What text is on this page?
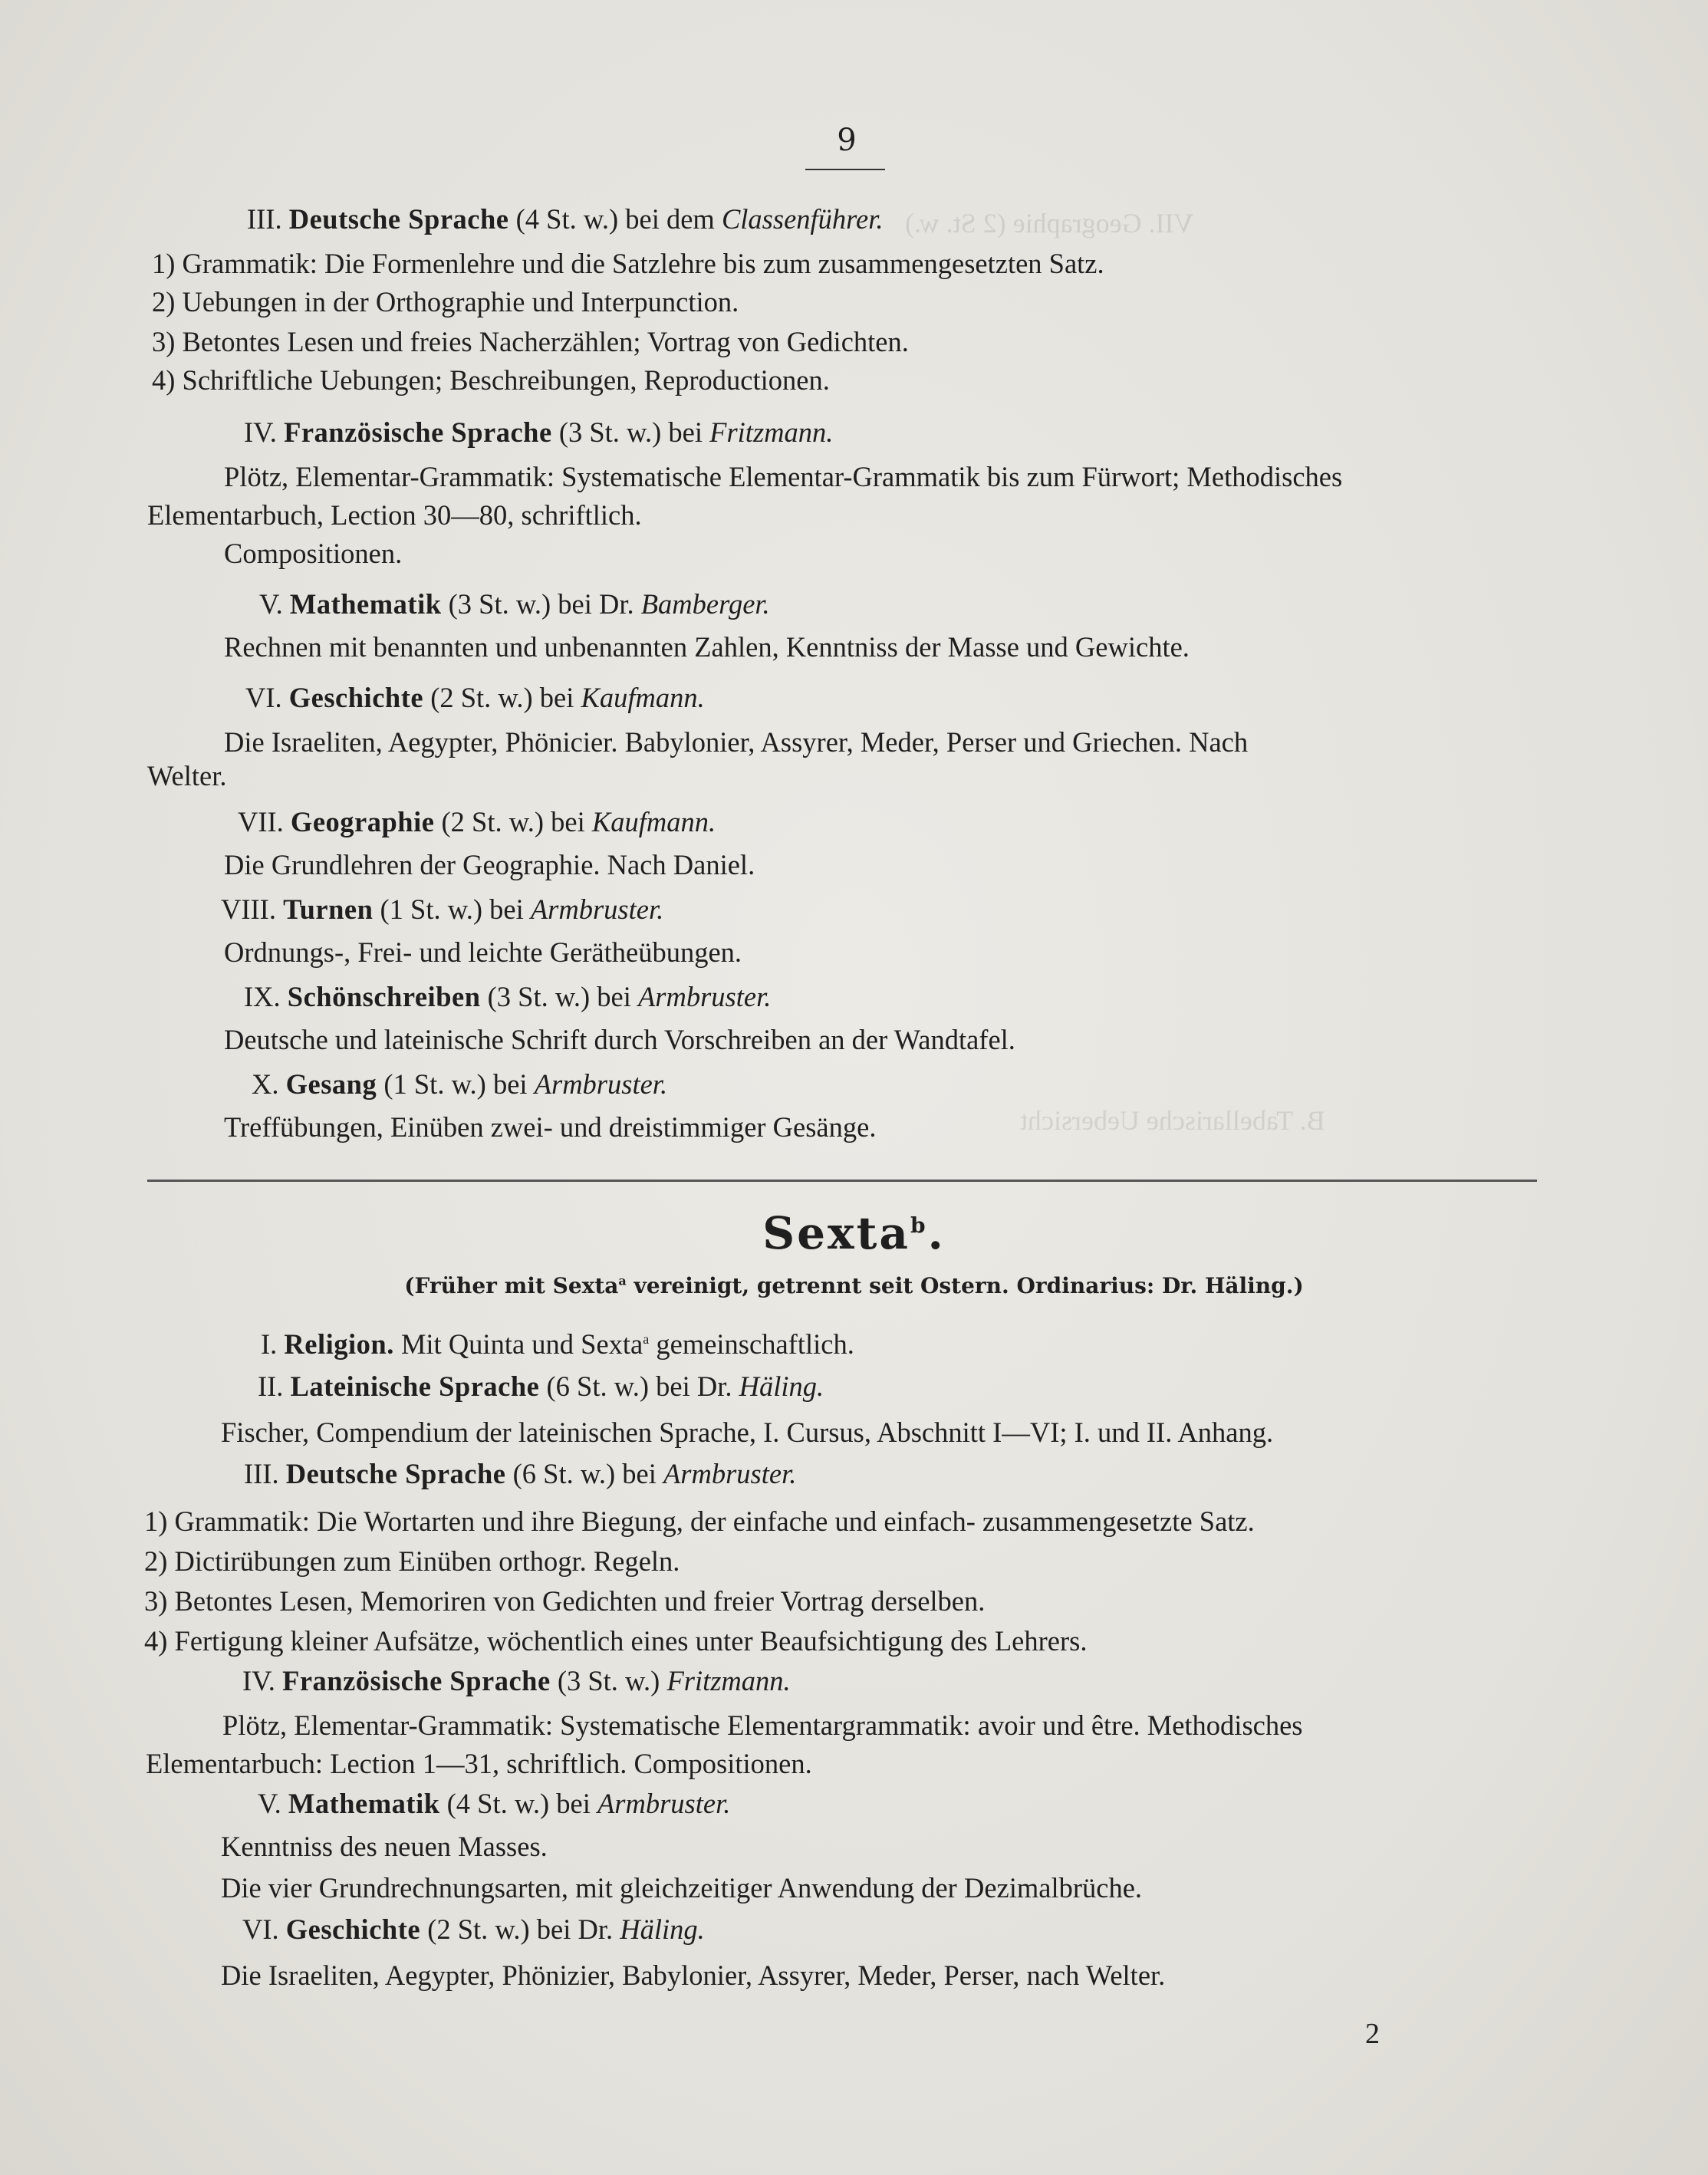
9
VII. Geographie (2 St. w.)
B. Tabellarische Uebersicht
III. Deutsche Sprache (4 St. w.) bei dem Classenführer.
1) Grammatik: Die Formenlehre und die Satzlehre bis zum zusammengesetzten Satz.
2) Uebungen in der Orthographie und Interpunction.
3) Betontes Lesen und freies Nacherzählen; Vortrag von Gedichten.
4) Schriftliche Uebungen; Beschreibungen, Reproductionen.
IV. Französische Sprache (3 St. w.) bei Fritzmann.
Plötz, Elementar-Grammatik: Systematische Elementar-Grammatik bis zum Fürwort; Methodisches
Elementarbuch, Lection 30—80, schriftlich.
Compositionen.
V. Mathematik (3 St. w.) bei Dr. Bamberger.
Rechnen mit benannten und unbenannten Zahlen, Kenntniss der Masse und Gewichte.
VI. Geschichte (2 St. w.) bei Kaufmann.
Die Israeliten, Aegypter, Phönicier. Babylonier, Assyrer, Meder, Perser und Griechen. Nach
Welter.
VII. Geographie (2 St. w.) bei Kaufmann.
Die Grundlehren der Geographie. Nach Daniel.
VIII. Turnen (1 St. w.) bei Armbruster.
Ordnungs-, Frei- und leichte Geräthеübungen.
IX. Schönschreiben (3 St. w.) bei Armbruster.
Deutsche und lateinische Schrift durch Vorschreiben an der Wandtafel.
X. Gesang (1 St. w.) bei Armbruster.
Treffübungen, Einüben zwei- und dreistimmiger Gesänge.
Sexta$^b$.
(Früher mit Sexta$^a$ vereinigt, getrennt seit Ostern. Ordinarius: Dr. Häling.)
I. Religion. Mit Quinta und Sexta$^a$ gemeinschaftlich.
II. Lateinische Sprache (6 St. w.) bei Dr. Häling.
Fischer, Compendium der lateinischen Sprache, I. Cursus, Abschnitt I—VI; I. und II. Anhang.
III. Deutsche Sprache (6 St. w.) bei Armbruster.
1) Grammatik: Die Wortarten und ihre Biegung, der einfache und einfach- zusammengesetzte Satz.
2) Dictirübungen zum Einüben orthogr. Regeln.
3) Betontes Lesen, Memoriren von Gedichten und freier Vortrag derselben.
4) Fertigung kleiner Aufsätze, wöchentlich eines unter Beaufsichtigung des Lehrers.
IV. Französische Sprache (3 St. w.) Fritzmann.
Plötz, Elementar-Grammatik: Systematische Elementargrammatik: avoir und être. Methodisches
Elementarbuch: Lection 1—31, schriftlich. Compositionen.
V. Mathematik (4 St. w.) bei Armbruster.
Kenntniss des neuen Masses.
Die vier Grundrechnungsarten, mit gleichzeitiger Anwendung der Dezimalbrüche.
VI. Geschichte (2 St. w.) bei Dr. Häling.
Die Israeliten, Aegypter, Phönizier, Babylonier, Assyrer, Meder, Perser, nach Welter.
2
